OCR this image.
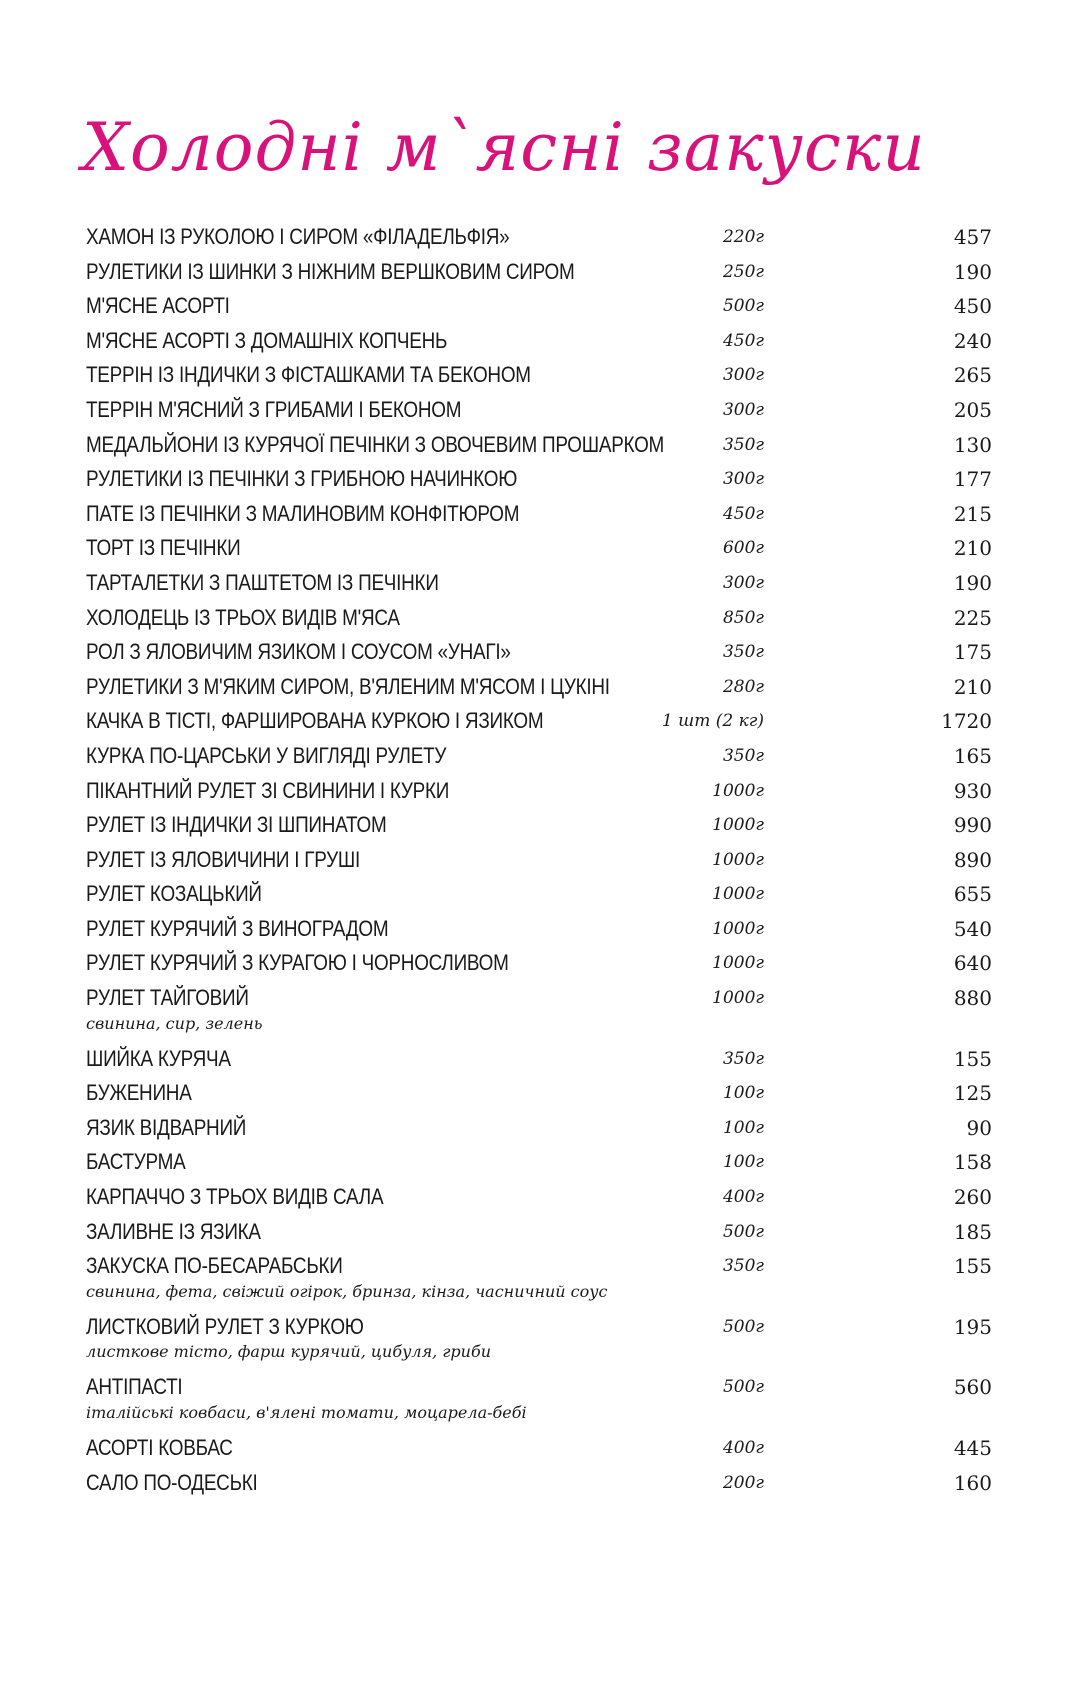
Холодні м`ясні закуски
ХАМОН ІЗ РУКОЛОЮ І СИРОМ «ФІЛАДЕЛЬФІЯ»	220г	457
РУЛЕТИКИ ІЗ ШИНКИ З НІЖНИМ ВЕРШКОВИМ СИРОМ	250г	190
М'ЯСНЕ АСОРТІ	500г	450
М'ЯСНЕ АСОРТІ З ДОМАШНІХ КОПЧЕНЬ	450г	240
ТЕРРІН ІЗ ІНДИЧКИ З ФІСТАШКАМИ ТА БЕКОНОМ	300г	265
ТЕРРІН М'ЯСНИЙ З ГРИБАМИ І БЕКОНОМ	300г	205
МЕДАЛЬЙОНИ ІЗ КУРЯЧОЇ ПЕЧІНКИ З ОВОЧЕВИМ ПРОШАРКОМ	350г	130
РУЛЕТИКИ ІЗ ПЕЧІНКИ З ГРИБНОЮ НАЧИНКОЮ	300г	177
ПАТЕ ІЗ ПЕЧІНКИ З МАЛИНОВИМ КОНФІТЮРОМ	450г	215
ТОРТ ІЗ ПЕЧІНКИ	600г	210
ТАРТАЛЕТКИ З ПАШТЕТОМ ІЗ ПЕЧІНКИ	300г	190
ХОЛОДЕЦЬ ІЗ ТРЬОХ ВИДІВ М'ЯСА	850г	225
РОЛ З ЯЛОВИЧИМ ЯЗИКОМ І СОУСОМ «УНАГІ»	350г	175
РУЛЕТИКИ З М'ЯКИМ СИРОМ, В'ЯЛЕНИМ М'ЯСОМ І ЦУКІНІ	280г	210
КАЧКА В ТІСТІ, ФАРШИРОВАНА КУРКОЮ І ЯЗИКОМ	1 шт (2 кг)	1720
КУРКА ПО-ЦАРСЬКИ У ВИГЛЯДІ РУЛЕТУ	350г	165
ПІКАНТНИЙ РУЛЕТ ЗІ СВИНИНИ І КУРКИ	1000г	930
РУЛЕТ ІЗ ІНДИЧКИ ЗІ ШПИНАТОМ	1000г	990
РУЛЕТ ІЗ ЯЛОВИЧИНИ І ГРУШІ	1000г	890
РУЛЕТ КОЗАЦЬКИЙ	1000г	655
РУЛЕТ КУРЯЧИЙ З ВИНОГРАДОМ	1000г	540
РУЛЕТ КУРЯЧИЙ З КУРАГОЮ І ЧОРНОСЛИВОМ	1000г	640
РУЛЕТ ТАЙГОВИЙ	1000г	880
свинина, сир, зелень
ШИЙКА КУРЯЧА	350г	155
БУЖЕНИНА	100г	125
ЯЗИК ВІДВАРНИЙ	100г	90
БАСТУРМА	100г	158
КАРПАЧЧО З ТРЬОХ ВИДІВ САЛА	400г	260
ЗАЛИВНЕ ІЗ ЯЗИКА	500г	185
ЗАКУСКА ПО-БЕСАРАБСЬКИ	350г	155
свинина, фета, свіжий огірок, бринза, кінза, часничний соус
ЛИСТКОВИЙ РУЛЕТ З КУРКОЮ	500г	195
листкове тісто, фарш курячий, цибуля, гриби
АНТІПАСТІ	500г	560
італійські ковбаси, в'ялені томати, моцарела-бебі
АСОРТІ КОВБАС	400г	445
САЛО ПО-ОДЕСЬКІ	200г	160
